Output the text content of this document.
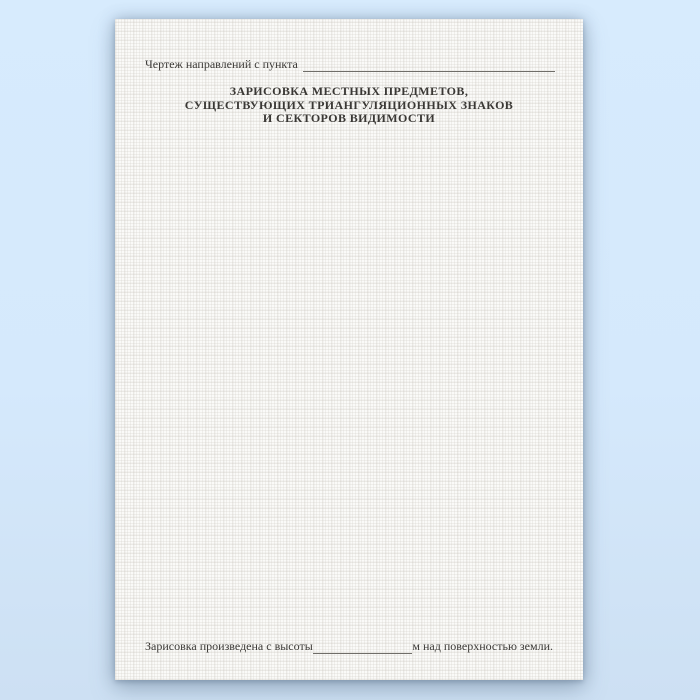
Чертеж направлений с пункта
ЗАРИСОВКА МЕСТНЫХ ПРЕДМЕТОВ,
СУЩЕСТВУЮЩИХ ТРИАНГУЛЯЦИОННЫХ ЗНАКОВ
И СЕКТОРОВ ВИДИМОСТИ
Зарисовка произведена с высоты	м над поверхностью земли.
